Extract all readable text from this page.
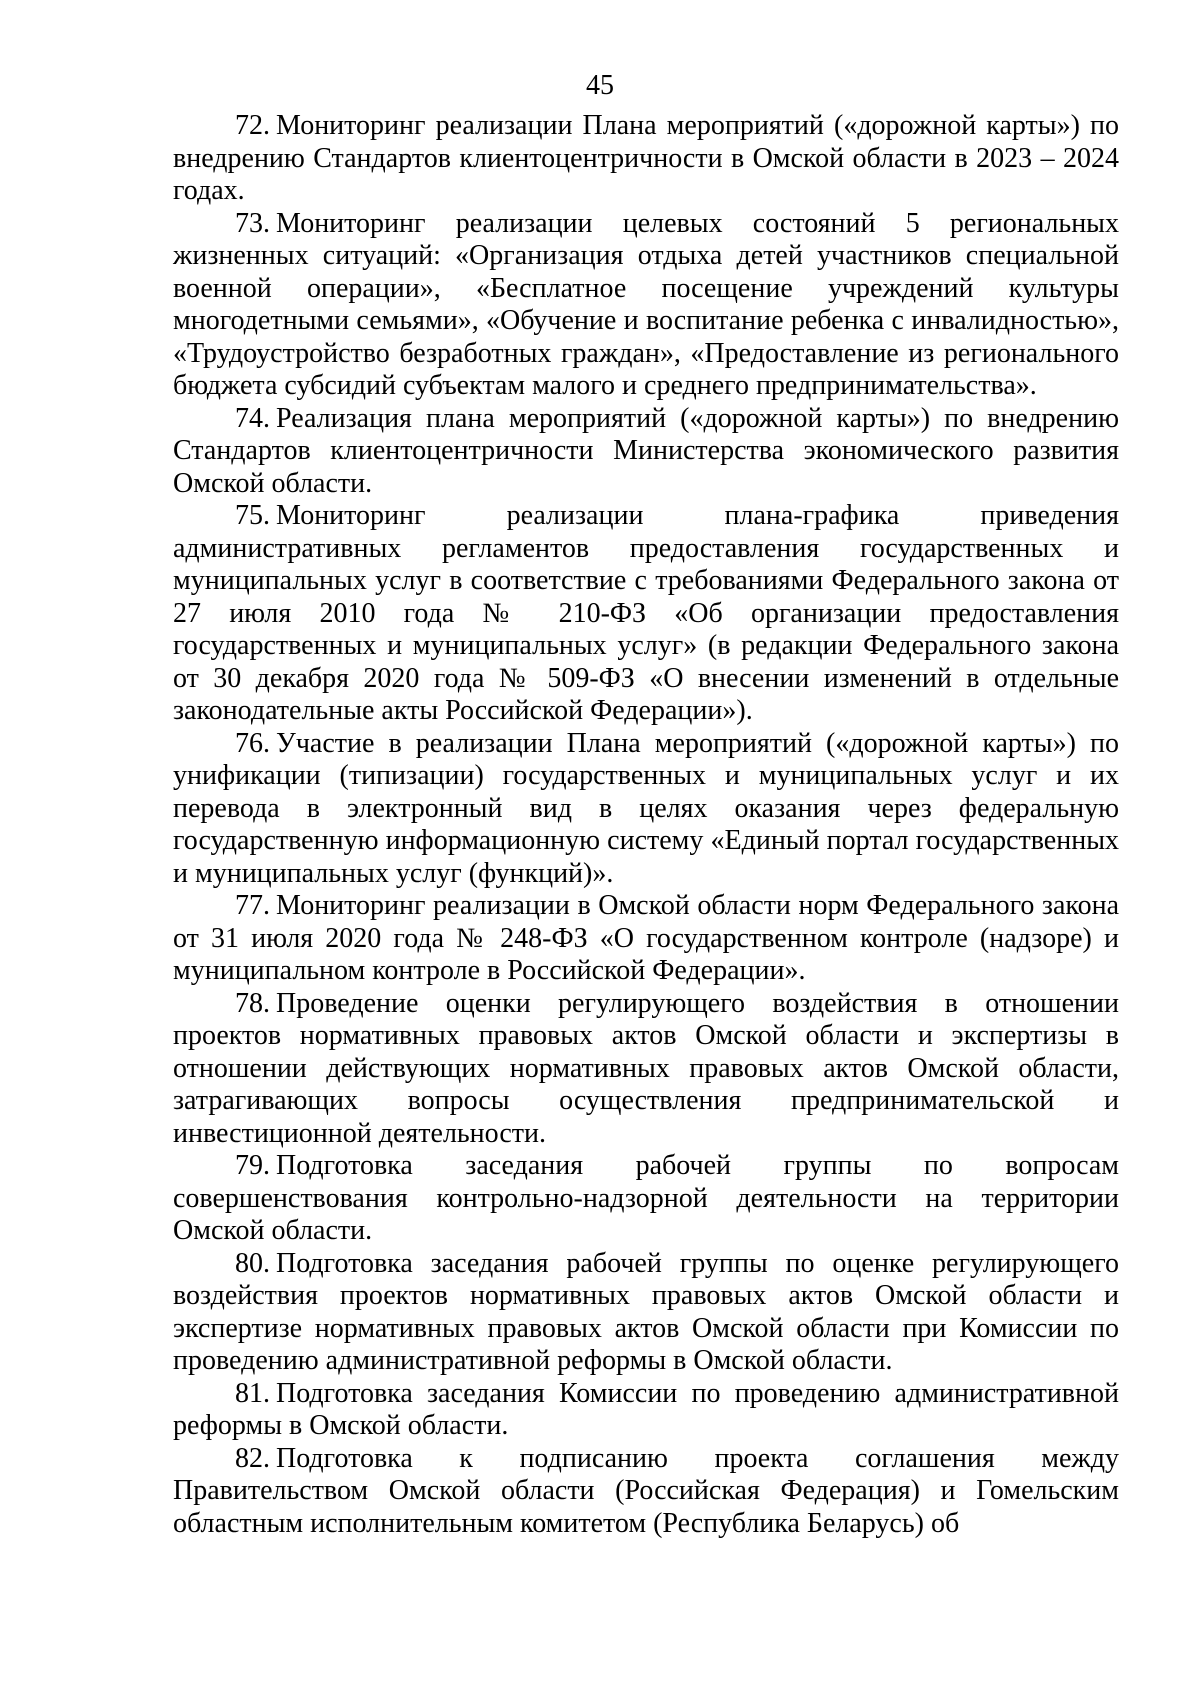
45

72. Мониторинг реализации Плана мероприятий («дорожной карты») по внедрению Стандартов клиентоцентричности в Омской области в 2023 – 2024 годах.

73. Мониторинг реализации целевых состояний 5 региональных жизненных ситуаций: «Организация отдыха детей участников специальной военной операции», «Бесплатное посещение учреждений культуры многодетными семьями», «Обучение и воспитание ребенка с инвалидностью», «Трудоустройство безработных граждан», «Предоставление из регионального бюджета субсидий субъектам малого и среднего предпринимательства».

74. Реализация плана мероприятий («дорожной карты») по внедрению Стандартов клиентоцентричности Министерства экономического развития Омской области.

75. Мониторинг реализации плана-графика приведения административных регламентов предоставления государственных и муниципальных услуг в соответствие с требованиями Федерального закона от 27 июля 2010 года № 210-ФЗ «Об организации предоставления государственных и муниципальных услуг» (в редакции Федерального закона от 30 декабря 2020 года № 509-ФЗ «О внесении изменений в отдельные законодательные акты Российской Федерации»).

76. Участие в реализации Плана мероприятий («дорожной карты») по унификации (типизации) государственных и муниципальных услуг и их перевода в электронный вид в целях оказания через федеральную государственную информационную систему «Единый портал государственных и муниципальных услуг (функций)».

77. Мониторинг реализации в Омской области норм Федерального закона от 31 июля 2020 года № 248-ФЗ «О государственном контроле (надзоре) и муниципальном контроле в Российской Федерации».

78. Проведение оценки регулирующего воздействия в отношении проектов нормативных правовых актов Омской области и экспертизы в отношении действующих нормативных правовых актов Омской области, затрагивающих вопросы осуществления предпринимательской и инвестиционной деятельности.

79. Подготовка заседания рабочей группы по вопросам совершенствования контрольно-надзорной деятельности на территории Омской области.

80. Подготовка заседания рабочей группы по оценке регулирующего воздействия проектов нормативных правовых актов Омской области и экспертизе нормативных правовых актов Омской области при Комиссии по проведению административной реформы в Омской области.

81. Подготовка заседания Комиссии по проведению административной реформы в Омской области.

82. Подготовка к подписанию проекта соглашения между Правительством Омской области (Российская Федерация) и Гомельским областным исполнительным комитетом (Республика Беларусь) об
